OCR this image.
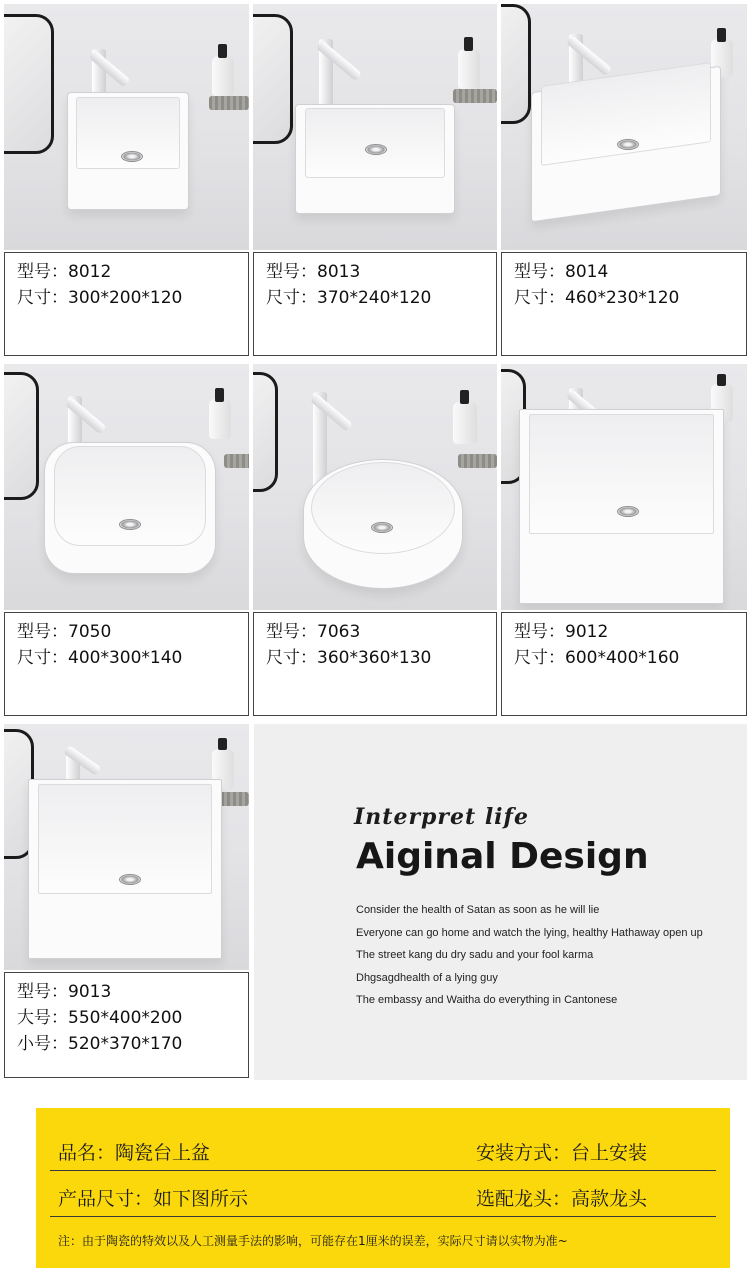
型号：8012
尺寸：300*200*120
型号：8013
尺寸：370*240*120
型号：8014
尺寸：460*230*120
型号：7050
尺寸：400*300*140
型号：7063
尺寸：360*360*130
型号：9012
尺寸：600*400*160
型号：9013
大号：550*400*200
小号：520*370*170
Interpret life
Aiginal Design
Consider the health of Satan as soon as he will lie
Everyone can go home and watch the lying, healthy Hathaway open up
The street kang du dry sadu and your fool karma
Dhgsagdhealth of a lying guy
The embassy and Waitha do everything in Cantonese
品名：陶瓷台上盆	安装方式：台上安装
产品尺寸：如下图所示	选配龙头：高款龙头
注：由于陶瓷的特效以及人工测量手法的影响，可能存在1厘米的误差，实际尺寸请以实物为准~
